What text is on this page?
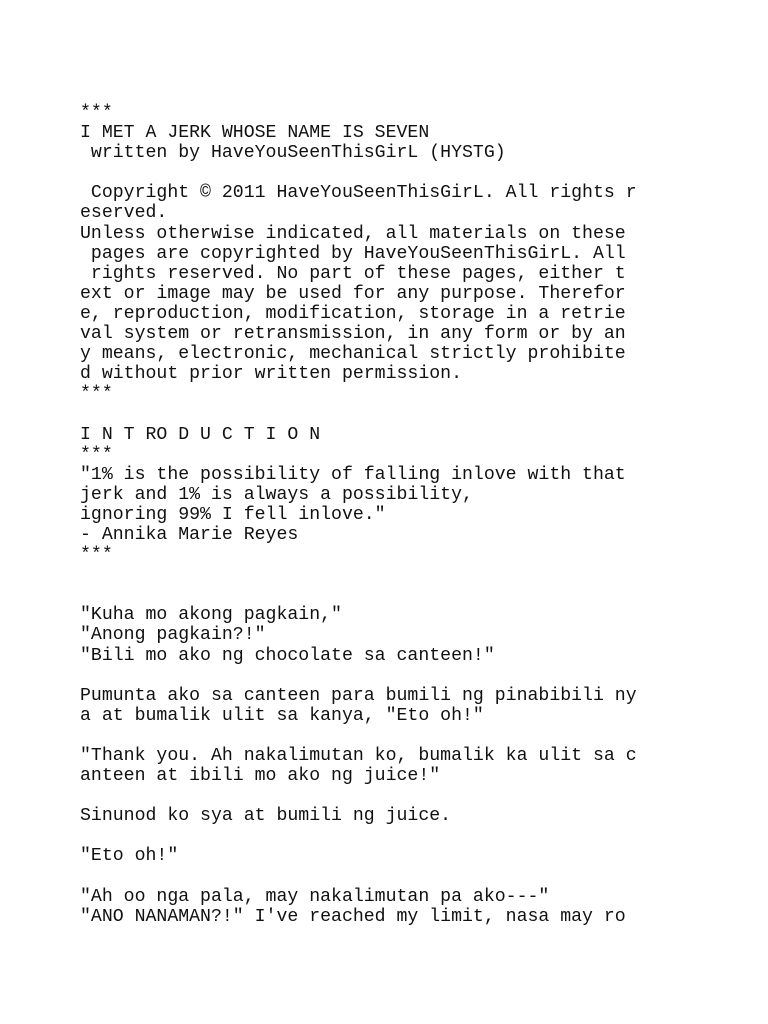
***
I MET A JERK WHOSE NAME IS SEVEN
written by HaveYouSeenThisGirL (HYSTG)
Copyright © 2011 HaveYouSeenThisGirL. All rights r
eserved.
Unless otherwise indicated, all materials on these
pages are copyrighted by HaveYouSeenThisGirL. All
rights reserved. No part of these pages, either t
ext or image may be used for any purpose. Therefor
e, reproduction, modification, storage in a retrie
val system or retransmission, in any form or by an
y means, electronic, mechanical strictly prohibite
d without prior written permission.
***
I N T RO D U C T I O N
***
"1% is the possibility of falling inlove with that
jerk and 1% is always a possibility,
ignoring 99% I fell inlove."
- Annika Marie Reyes
***
"Kuha mo akong pagkain,"
"Anong pagkain?!"
"Bili mo ako ng chocolate sa canteen!"
Pumunta ako sa canteen para bumili ng pinabibili ny
a at bumalik ulit sa kanya, "Eto oh!"
"Thank you. Ah nakalimutan ko, bumalik ka ulit sa c
anteen at ibili mo ako ng juice!"
Sinunod ko sya at bumili ng juice.
"Eto oh!"
"Ah oo nga pala, may nakalimutan pa ako---"
"ANO NANAMAN?!" I've reached my limit, nasa may ro
